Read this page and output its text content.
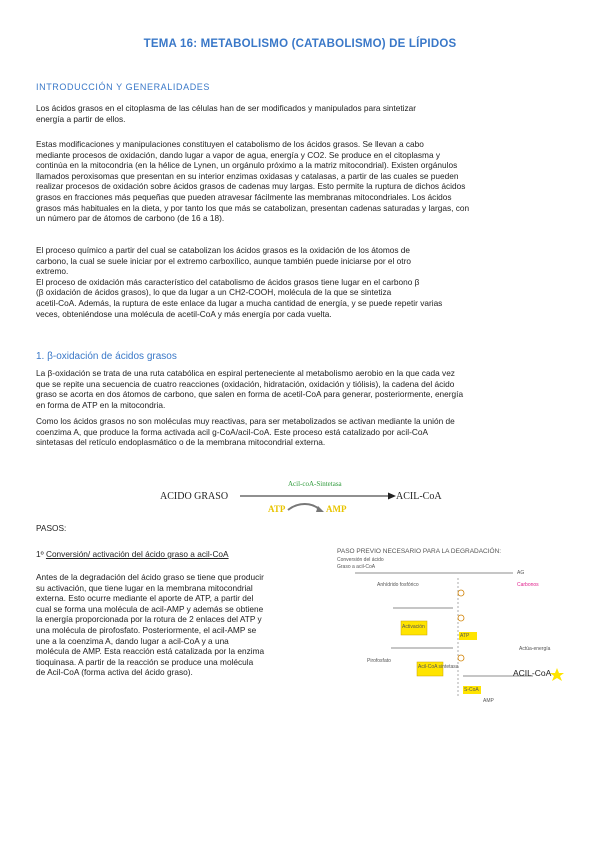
TEMA 16: METABOLISMO (CATABOLISMO) DE LÍPIDOS
INTRODUCCIÓN Y GENERALIDADES
Los ácidos grasos en el citoplasma de las células han de ser modificados y manipulados para sintetizar
energía a partir de ellos.
Estas modificaciones y manipulaciones constituyen el catabolismo de los ácidos grasos. Se llevan a cabo
mediante procesos de oxidación, dando lugar a vapor de agua, energía y CO2. Se produce en el citoplasma y
continúa en la mitocondria (en la hélice de Lynen, un orgánulo próximo a la matriz mitocondrial). Existen orgánulos
llamados peroxisomas que presentan en su interior enzimas oxidasas y catalasas, a partir de las cuales se pueden
realizar procesos de oxidación sobre ácidos grasos de cadenas muy largas. Esto permite la ruptura de dichos ácidos
grasos en fracciones más pequeñas que pueden atravesar fácilmente las membranas mitocondriales. Los ácidos
grasos más habituales en la dieta, y por tanto los que más se catabolizan, presentan cadenas saturadas y largas, con
un número par de átomos de carbono (de 16 a 18).
El proceso químico a partir del cual se catabolizan los ácidos grasos es la oxidación de los átomos de
carbono, la cual se suele iniciar por el extremo carboxílico, aunque también puede iniciarse por el otro
extremo.
El proceso de oxidación más característico del catabolismo de ácidos grasos tiene lugar en el carbono β
(β oxidación de ácidos grasos), lo que da lugar a un CH2-COOH, molécula de la que se sintetiza
acetil-CoA. Además, la ruptura de este enlace da lugar a mucha cantidad de energía, y se puede repetir varias
veces, obteniéndose una molécula de acetil-CoA y más energía por cada vuelta.
1. β-oxidación de ácidos grasos
La β-oxidación se trata de una ruta catabólica en espiral perteneciente al metabolismo aerobio en la que cada vez
que se repite una secuencia de cuatro reacciones (oxidación, hidratación, oxidación y tiólisis), la cadena del ácido
graso se acorta en dos átomos de carbono, que salen en forma de acetil-CoA para generar, posteriormente, energía
en forma de ATP en la mitocondria.
Como los ácidos grasos no son moléculas muy reactivas, para ser metabolizados se activan mediante la unión de
coenzima A, que produce la forma activada acil g-CoA/acil-CoA. Este proceso está catalizado por acil-CoA
sintetasas del retículo endoplasmático o de la membrana mitocondrial externa.
ACIDO GRASO	ACIL-CoA
Acil-coA-Sintetasa
ATP	AMP
PASOS:
1º Conversión/ activación del ácido graso a acil-CoA
Antes de la degradación del ácido graso se tiene que producir
su activación, que tiene lugar en la membrana mitocondrial
externa. Esto ocurre mediante el aporte de ATP, a partir del
cual se forma una molécula de acil-AMP y además se obtiene
la energía proporcionada por la rotura de 2 enlaces del ATP y
una molécula de pirofosfato. Posteriormente, el acil-AMP se
une a la coenzima A, dando lugar a acil-CoA y a una
molécula de AMP. Esta reacción está catalizada por la enzima
tioquinasa. A partir de la reacción se produce una molécula
de Acil-CoA (forma activa del ácido graso).
PASO PREVIO NECESARIO PARA LA DEGRADACIÓN:
Conversión del ácido
Graso a acil-CoA
AG
Carbonos
Anhídrido fosfórico
Activación
Pirofosfato
Acil-CoA sintetasa
S-CoA
ATP
AMP
Actúa-energía
ACIL-CoA
